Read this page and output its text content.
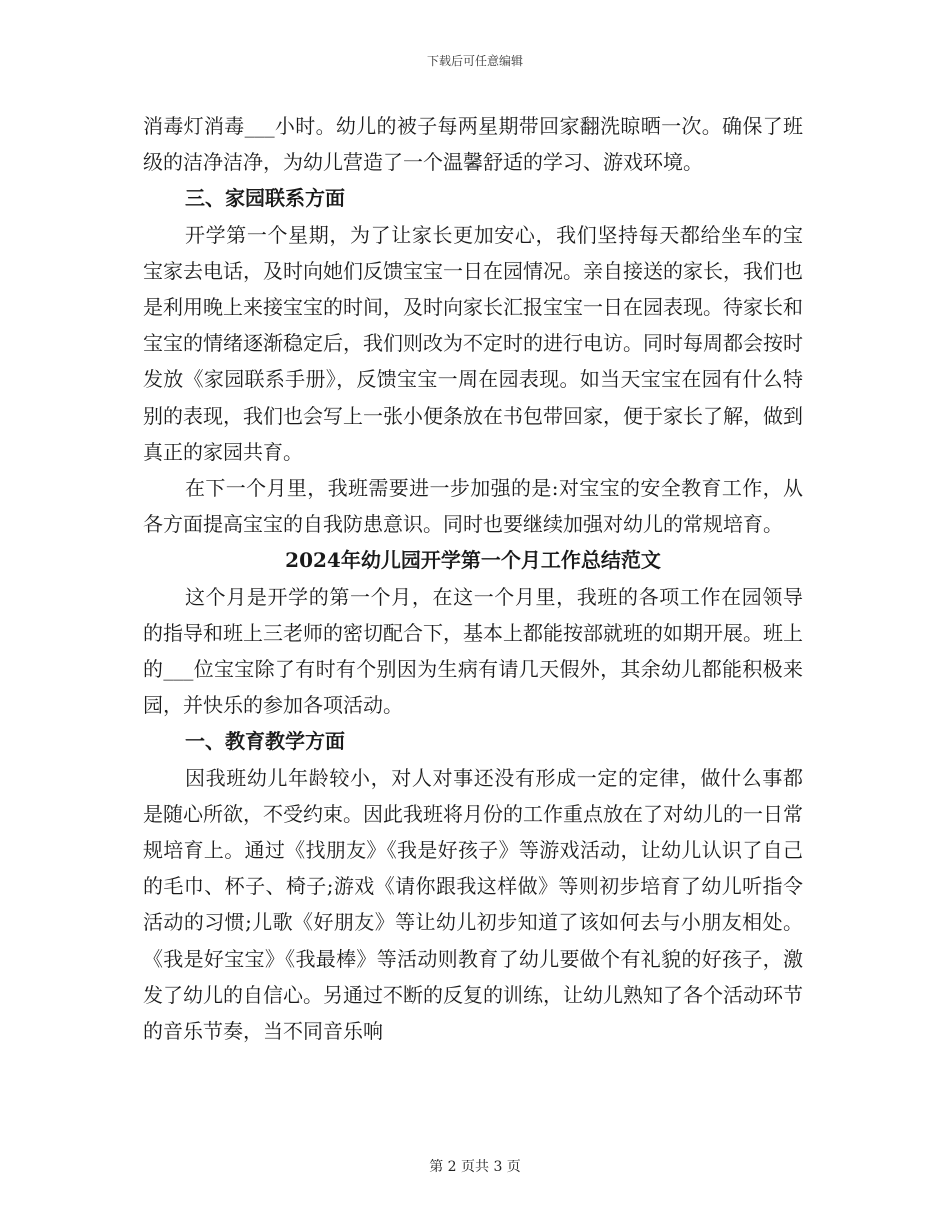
下载后可任意编辑

消毒灯消毒___小时。幼儿的被子每两星期带回家翻洗晾晒一次。确保了班级的洁净洁净，为幼儿营造了一个温馨舒适的学习、游戏环境。

三、家园联系方面

开学第一个星期，为了让家长更加安心，我们坚持每天都给坐车的宝宝家去电话，及时向她们反馈宝宝一日在园情况。亲自接送的家长，我们也是利用晚上来接宝宝的时间，及时向家长汇报宝宝一日在园表现。待家长和宝宝的情绪逐渐稳定后，我们则改为不定时的进行电访。同时每周都会按时发放《家园联系手册》，反馈宝宝一周在园表现。如当天宝宝在园有什么特别的表现，我们也会写上一张小便条放在书包带回家，便于家长了解，做到真正的家园共育。

在下一个月里，我班需要进一步加强的是:对宝宝的安全教育工作，从各方面提高宝宝的自我防患意识。同时也要继续加强对幼儿的常规培育。

2024年幼儿园开学第一个月工作总结范文

这个月是开学的第一个月，在这一个月里，我班的各项工作在园领导的指导和班上三老师的密切配合下，基本上都能按部就班的如期开展。班上的___位宝宝除了有时有个别因为生病有请几天假外，其余幼儿都能积极来园，并快乐的参加各项活动。

一、教育教学方面

因我班幼儿年龄较小，对人对事还没有形成一定的定律，做什么事都是随心所欲，不受约束。因此我班将月份的工作重点放在了对幼儿的一日常规培育上。通过《找朋友》《我是好孩子》等游戏活动，让幼儿认识了自己的毛巾、杯子、椅子;游戏《请你跟我这样做》等则初步培育了幼儿听指令活动的习惯;儿歌《好朋友》等让幼儿初步知道了该如何去与小朋友相处。《我是好宝宝》《我最棒》等活动则教育了幼儿要做个有礼貌的好孩子，激发了幼儿的自信心。另通过不断的反复的训练，让幼儿熟知了各个活动环节的音乐节奏，当不同音乐响

第 2 页共 3 页
